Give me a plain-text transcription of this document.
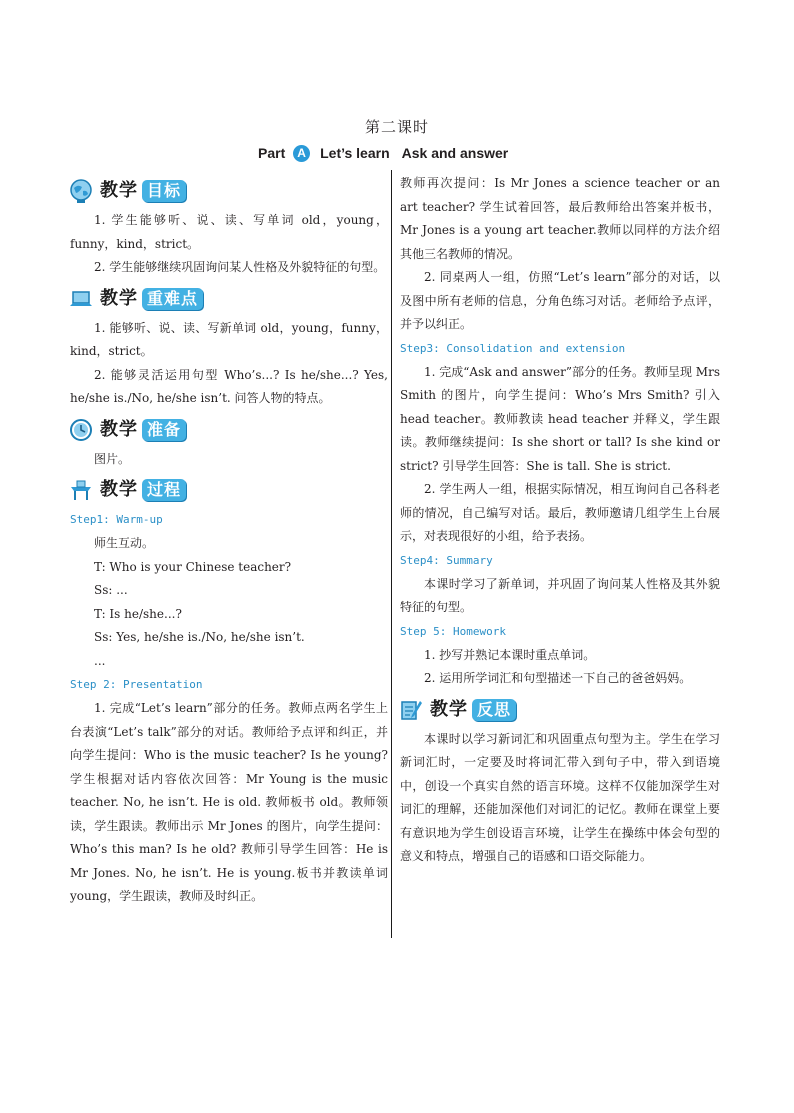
第二课时
Part A Let’s learn Ask and answer
教学 目标

1. 学生能够听、说、读、写单词 old，young，funny，kind，strict。

2. 学生能够继续巩固询问某人性格及外貌特征的句型。

教学 重难点

1. 能够听、说、读、写新单词 old，young，funny，kind，strict。

2. 能够灵活运用句型 Who’s...? Is he/she...? Yes, he/she is./No, he/she isn’t. 问答人物的特点。

教学 准备

图片。

教学 过程
Step1: Warm-up

师生互动。

T: Who is your Chinese teacher?

Ss: ...

T: Is he/she...?

Ss: Yes, he/she is./No, he/she isn’t.

...

Step 2: Presentation

1. 完成“Let’s learn”部分的任务。教师点两名学生上台表演“Let’s talk”部分的对话。教师给予点评和纠正，并向学生提问：Who is the music teacher? Is he young? 学生根据对话内容依次回答：Mr Young is the music teacher. No, he isn’t. He is old. 教师板书 old。教师领读，学生跟读。教师出示 Mr Jones 的图片，向学生提问：Who’s this man? Is he old? 教师引导学生回答：He is Mr Jones. No, he isn’t. He is young.板书并教读单词 young，学生跟读，教师及时纠正。

教师再次提问：Is Mr Jones a science teacher or an art teacher? 学生试着回答，最后教师给出答案并板书，Mr Jones is a young art teacher.教师以同样的方法介绍其他三名教师的情况。

2. 同桌两人一组，仿照“Let’s learn”部分的对话，以及图中所有老师的信息，分角色练习对话。老师给予点评，并予以纠正。

Step3: Consolidation and extension

1. 完成“Ask and answer”部分的任务。教师呈现 Mrs Smith 的图片，向学生提问：Who’s Mrs Smith? 引入 head teacher。教师教读 head teacher 并释义，学生跟读。教师继续提问：Is she short or tall? Is she kind or strict? 引导学生回答：She is tall. She is strict.

2. 学生两人一组，根据实际情况，相互询问自己各科老师的情况，自己编写对话。最后，教师邀请几组学生上台展示，对表现很好的小组，给予表扬。

Step4: Summary

本课时学习了新单词，并巩固了询问某人性格及其外貌特征的句型。

Step 5: Homework

1. 抄写并熟记本课时重点单词。

2. 运用所学词汇和句型描述一下自己的爸爸妈妈。

教学 反思

本课时以学习新词汇和巩固重点句型为主。学生在学习新词汇时，一定要及时将词汇带入到句子中，带入到语境中，创设一个真实自然的语言环境。这样不仅能加深学生对词汇的理解，还能加深他们对词汇的记忆。教师在课堂上要有意识地为学生创设语言环境，让学生在操练中体会句型的意义和特点，增强自己的语感和口语交际能力。
